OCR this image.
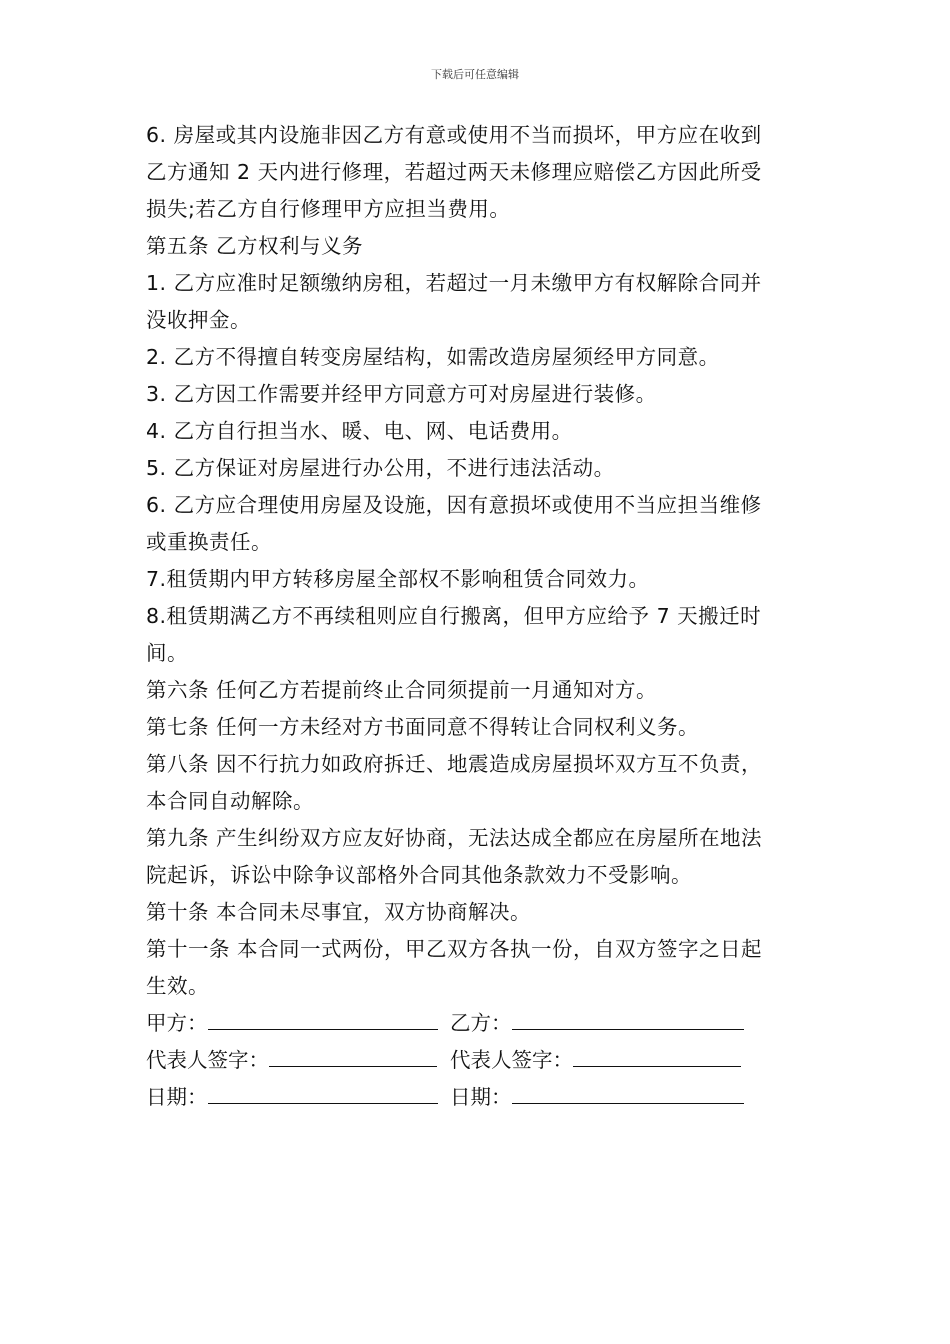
下载后可任意编辑
6. 房屋或其内设施非因乙方有意或使用不当而损坏，甲方应在收到
乙方通知 2 天内进行修理，若超过两天未修理应赔偿乙方因此所受
损失;若乙方自行修理甲方应担当费用。
第五条 乙方权利与义务
1. 乙方应准时足额缴纳房租，若超过一月未缴甲方有权解除合同并
没收押金。
2. 乙方不得擅自转变房屋结构，如需改造房屋须经甲方同意。
3. 乙方因工作需要并经甲方同意方可对房屋进行装修。
4. 乙方自行担当水、暖、电、网、电话费用。
5. 乙方保证对房屋进行办公用，不进行违法活动。
6. 乙方应合理使用房屋及设施，因有意损坏或使用不当应担当维修
或重换责任。
7.租赁期内甲方转移房屋全部权不影响租赁合同效力。
8.租赁期满乙方不再续租则应自行搬离，但甲方应给予 7 天搬迁时
间。
第六条 任何乙方若提前终止合同须提前一月通知对方。
第七条 任何一方未经对方书面同意不得转让合同权利义务。
第八条 因不行抗力如政府拆迁、地震造成房屋损坏双方互不负责，
本合同自动解除。
第九条 产生纠纷双方应友好协商，无法达成全都应在房屋所在地法
院起诉，诉讼中除争议部格外合同其他条款效力不受影响。
第十条 本合同未尽事宜，双方协商解决。
第十一条 本合同一式两份，甲乙双方各执一份，自双方签字之日起
生效。
甲方：	乙方：
代表人签字：	代表人签字：
日期：	日期：
